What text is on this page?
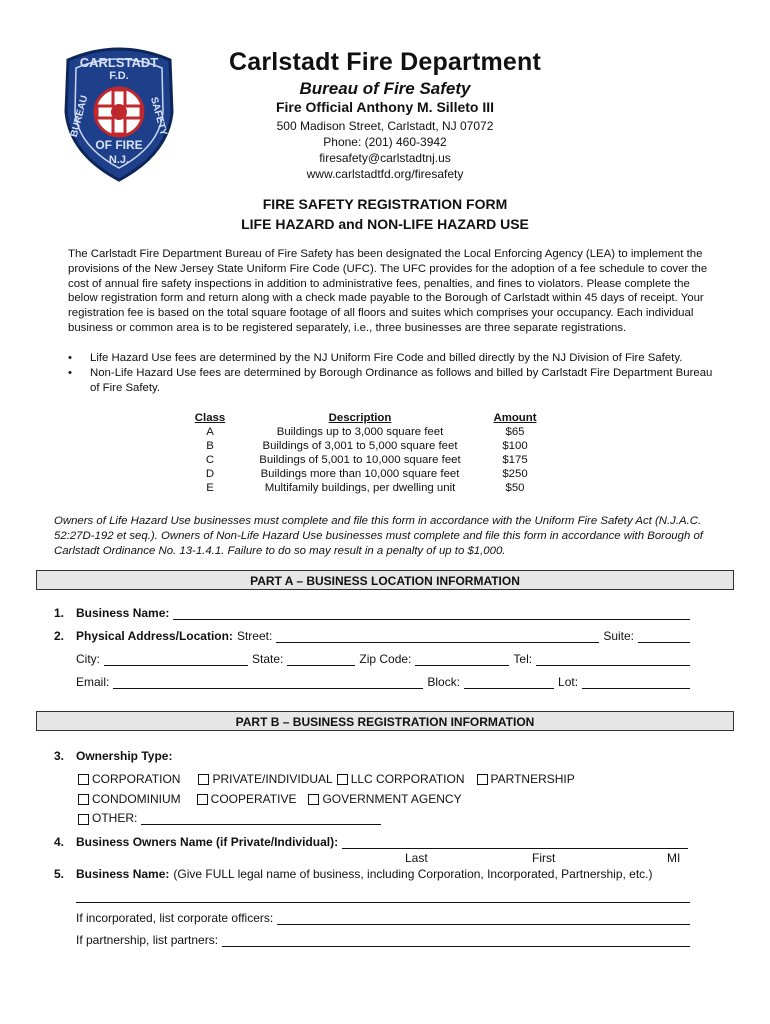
CARLSTADT
F.D.
BUREAU	SAFETY
OF FIRE
N.J.
Carlstadt Fire Department
Bureau of Fire Safety
Fire Official Anthony M. Silleto III
500 Madison Street, Carlstadt, NJ 07072
Phone: (201) 460-3942
firesafety@carlstadtnj.us
www.carlstadtfd.org/firesafety
FIRE SAFETY REGISTRATION FORM
LIFE HAZARD and NON-LIFE HAZARD USE
The Carlstadt Fire Department Bureau of Fire Safety has been designated the Local Enforcing Agency (LEA) to implement the provisions of the New Jersey State Uniform Fire Code (UFC). The UFC provides for the adoption of a fee schedule to cover the cost of annual fire safety inspections in addition to administrative fees, penalties, and fines to violators. Please complete the below registration form and return along with a check made payable to the Borough of Carlstadt within 45 days of receipt. Your registration fee is based on the total square footage of all floors and suites which comprises your occupancy. Each individual business or common area is to be registered separately, i.e., three businesses are three separate registrations.
• Life Hazard Use fees are determined by the NJ Uniform Fire Code and billed directly by the NJ Division of Fire Safety.
• Non-Life Hazard Use fees are determined by Borough Ordinance as follows and billed by Carlstadt Fire Department Bureau of Fire Safety.
Class	Description	Amount
A	Buildings up to 3,000 square feet	$65
B	Buildings of 3,001 to 5,000 square feet	$100
C	Buildings of 5,001 to 10,000 square feet	$175
D	Buildings more than 10,000 square feet	$250
E	Multifamily buildings, per dwelling unit	$50
Owners of Life Hazard Use businesses must complete and file this form in accordance with the Uniform Fire Safety Act (N.J.A.C. 52:27D-192 et seq.). Owners of Non-Life Hazard Use businesses must complete and file this form in accordance with Borough of Carlstadt Ordinance No. 13-1.4.1. Failure to do so may result in a penalty of up to $1,000.
PART A – BUSINESS LOCATION INFORMATION
1. Business Name:
2. Physical Address/Location: Street:	Suite:
City:	State:	Zip Code:	Tel:
Email:	Block:	Lot:
PART B – BUSINESS REGISTRATION INFORMATION
3. Ownership Type:
CORPORATION	PRIVATE/INDIVIDUAL LLC CORPORATION PARTNERSHIP
CONDOMINIUM	COOPERATIVE GOVERNMENT AGENCY
OTHER:
4. Business Owners Name (if Private/Individual):
Last	First	MI
5. Business Name: (Give FULL legal name of business, including Corporation, Incorporated, Partnership, etc.)
If incorporated, list corporate officers:
If partnership, list partners:
